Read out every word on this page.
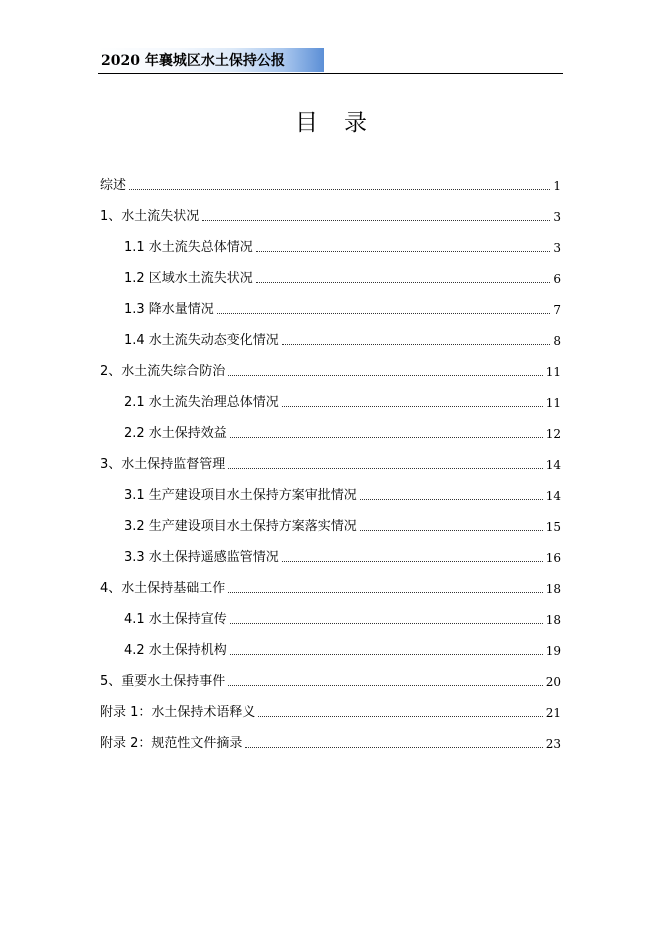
2020 年襄城区水土保持公报
目录
综述	1
1、水土流失状况	3
1.1 水土流失总体情况	3
1.2 区域水土流失状况	6
1.3 降水量情况	7
1.4 水土流失动态变化情况	8
2、水土流失综合防治	11
2.1 水土流失治理总体情况	11
2.2 水土保持效益	12
3、水土保持监督管理	14
3.1 生产建设项目水土保持方案审批情况	14
3.2 生产建设项目水土保持方案落实情况	15
3.3 水土保持遥感监管情况	16
4、水土保持基础工作	18
4.1 水土保持宣传	18
4.2 水土保持机构	19
5、重要水土保持事件	20
附录 1：水土保持术语释义	21
附录 2：规范性文件摘录	23
